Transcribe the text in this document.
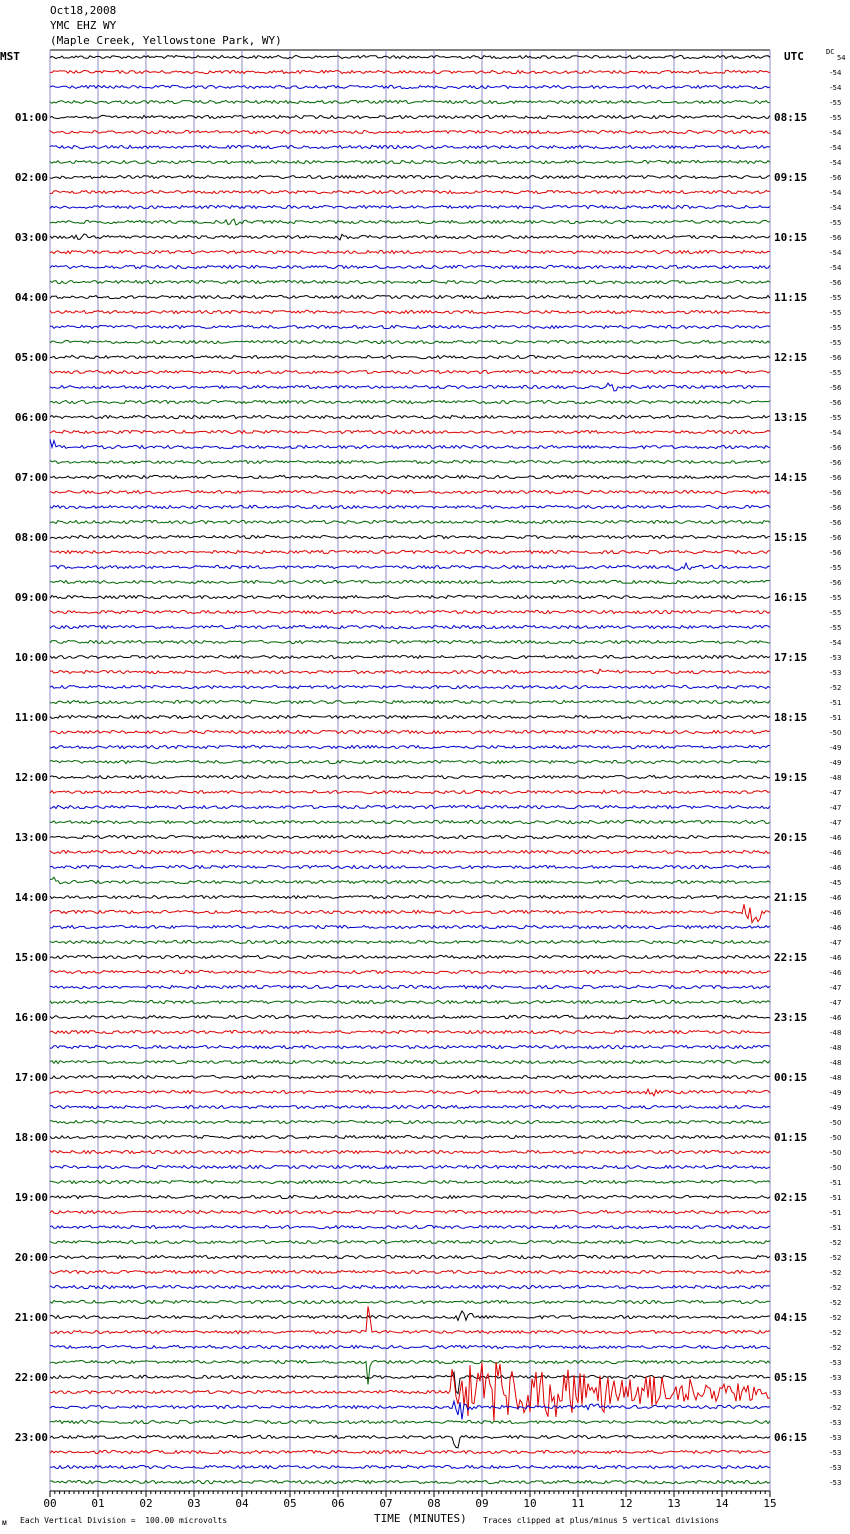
Oct18,2008
YMC EHZ WY
(Maple Creek, Yellowstone Park, WY)
MST	UTC	DC
54
00	01	02	03	04	05	06	07	08	09	10	11	12	13	14	15
01:00	08:15
02:00	09:15
03:00	10:15
04:00	11:15
05:00	12:15
06:00	13:15
07:00	14:15
08:00	15:15
09:00	16:15
10:00	17:15
11:00	18:15
12:00	19:15
13:00	20:15
14:00	21:15
15:00	22:15
16:00	23:15
17:00	00:15
18:00	01:15
19:00	02:15
20:00	03:15
21:00	04:15
22:00	05:15
23:00	06:15
-54
-54
-55
-55
-54
-54
-54
-56
-54
-54
-55
-56
-54
-54
-56
-55
-55
-55
-55
-56
-55
-56
-56
-55
-54
-56
-56
-56
-56
-56
-56
-56
-56
-55
-56
-55
-55
-55
-54
-53
-53
-52
-51
-51
-50
-49
-49
-48
-47
-47
-47
-46
-46
-46
-45
-46
-46
-46
-47
-46
-46
-47
-47
-46
-48
-48
-48
-48
-49
-49
-50
-50
-50
-50
-51
-51
-51
-51
-52
-52
-52
-52
-52
-52
-52
-52
-53
-53
-53
-52
-53
-53
-53
-53
-53
ᴍ Each Vertical Division =  100.00 microvolts	TIME (MINUTES) Traces clipped at plus/minus 5 vertical divisions
